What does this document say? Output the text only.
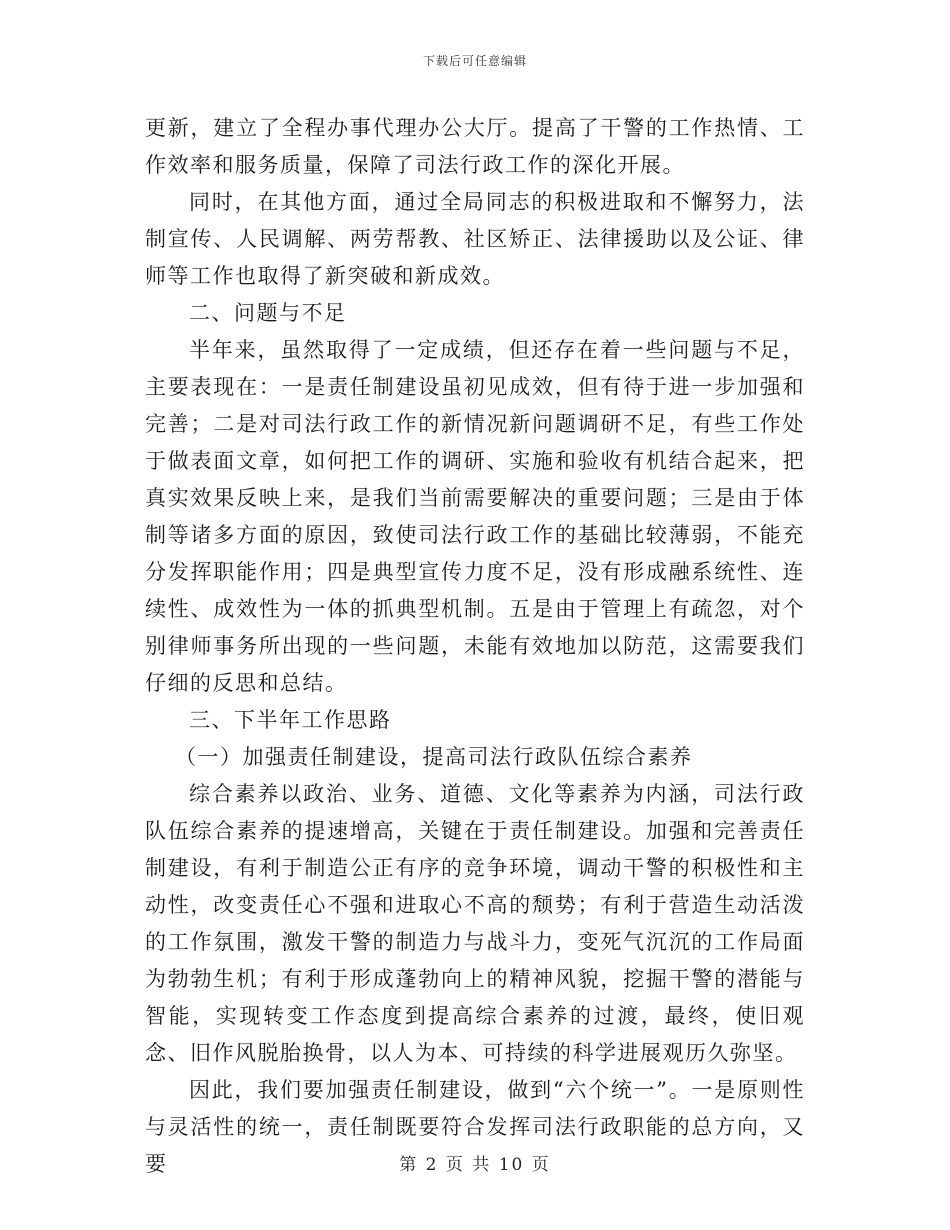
下载后可任意编辑

更新，建立了全程办事代理办公大厅。提高了干警的工作热情、工作效率和服务质量，保障了司法行政工作的深化开展。

同时，在其他方面，通过全局同志的积极进取和不懈努力，法制宣传、人民调解、两劳帮教、社区矫正、法律援助以及公证、律师等工作也取得了新突破和新成效。

二、问题与不足

半年来，虽然取得了一定成绩，但还存在着一些问题与不足，主要表现在：一是责任制建设虽初见成效，但有待于进一步加强和完善；二是对司法行政工作的新情况新问题调研不足，有些工作处于做表面文章，如何把工作的调研、实施和验收有机结合起来，把真实效果反映上来，是我们当前需要解决的重要问题；三是由于体制等诸多方面的原因，致使司法行政工作的基础比较薄弱，不能充分发挥职能作用；四是典型宣传力度不足，没有形成融系统性、连续性、成效性为一体的抓典型机制。五是由于管理上有疏忽，对个别律师事务所出现的一些问题，未能有效地加以防范，这需要我们仔细的反思和总结。

三、下半年工作思路

（一）加强责任制建设，提高司法行政队伍综合素养

综合素养以政治、业务、道德、文化等素养为内涵，司法行政队伍综合素养的提速增高，关键在于责任制建设。加强和完善责任制建设，有利于制造公正有序的竞争环境，调动干警的积极性和主动性，改变责任心不强和进取心不高的颓势；有利于营造生动活泼的工作氛围，激发干警的制造力与战斗力，变死气沉沉的工作局面为勃勃生机；有利于形成蓬勃向上的精神风貌，挖掘干警的潜能与智能，实现转变工作态度到提高综合素养的过渡，最终，使旧观念、旧作风脱胎换骨，以人为本、可持续的科学进展观历久弥坚。

因此，我们要加强责任制建设，做到“六个统一”。一是原则性与灵活性的统一，责任制既要符合发挥司法行政职能的总方向，又要	第 2 页 共 10 页
